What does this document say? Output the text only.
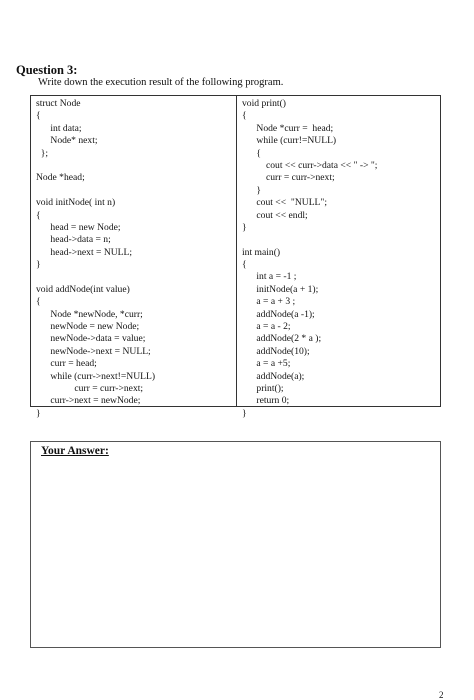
Question 3:

Write down the execution result of the following program.

struct Node
{
int data;
Node* next;
};
Node *head;
void initNode( int n)
{
head = new Node;
head->data = n;
head->next = NULL;
}
void addNode(int value)
{
Node *newNode, *curr;
newNode = new Node;
newNode->data = value;
newNode->next = NULL;
curr = head;
while (curr->next!=NULL)
curr = curr->next;
curr->next = newNode;
}
void print()
{
Node *curr =  head;
while (curr!=NULL)
{
cout << curr->data << " -> ";
curr = curr->next;
}
cout <<  "NULL";
cout << endl;
}
int main()
{
int a = -1 ;
initNode(a + 1);
a = a + 3 ;
addNode(a -1);
a = a - 2;
addNode(2 * a );
addNode(10);
a = a +5;
addNode(a);
print();
return 0;
}
Your Answer:
2
